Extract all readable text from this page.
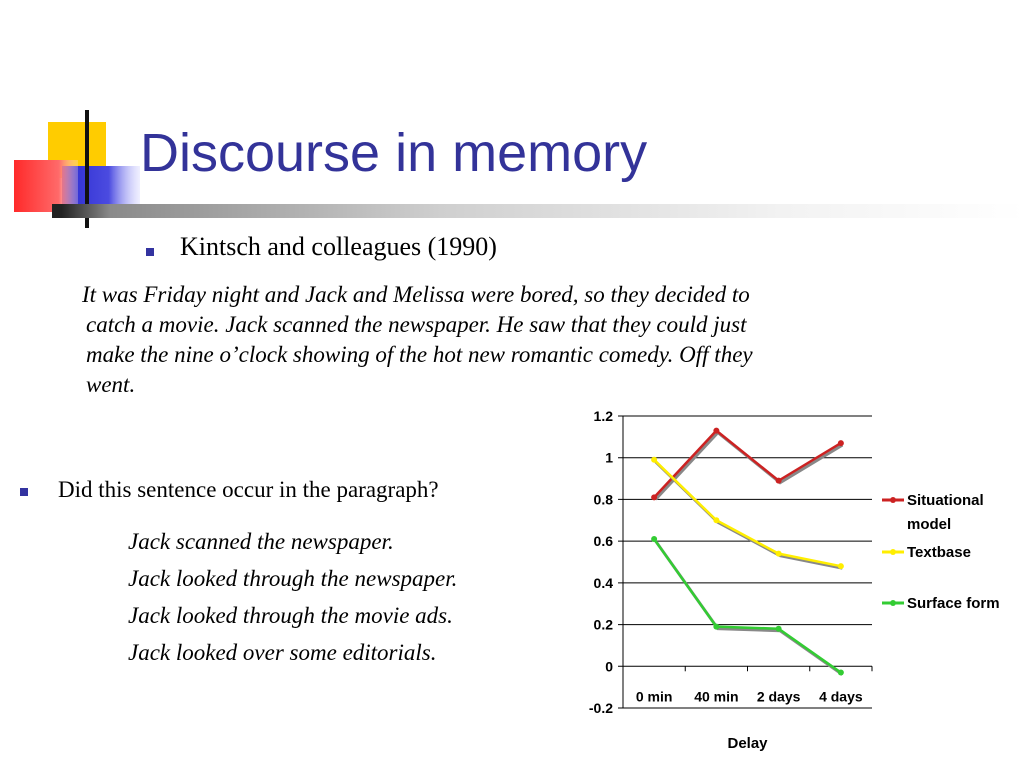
Discourse in memory
Kintsch and colleagues (1990)
It was Friday night and Jack and Melissa were bored, so they decided to
catch a movie. Jack scanned the newspaper. He saw that they could just
make the nine o’clock showing of the hot new romantic comedy. Off they
went.
Did this sentence occur in the paragraph?
Jack scanned the newspaper.
Jack looked through the newspaper.
Jack looked through the movie ads.
Jack looked over some editorials.
1.2
1
0.8
0.6
0.4
0.2
0
-0.2
0 min 40 min 2 days 4 days
Delay
Situational
model
Textbase
Surface form
